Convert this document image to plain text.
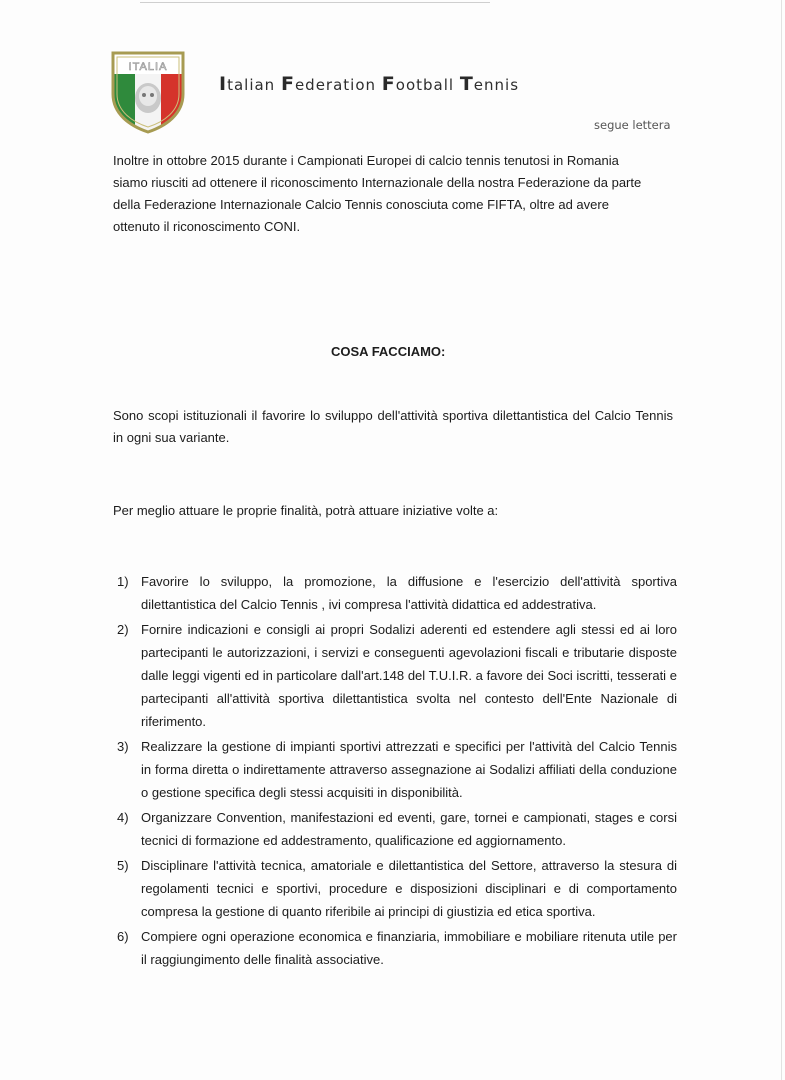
ITALIA
Italian Federation Football Tennis
segue lettera
Inoltre in ottobre 2015 durante i Campionati Europei di calcio tennis tenutosi in Romania
siamo riusciti ad ottenere il riconoscimento Internazionale della nostra Federazione da parte
della Federazione Internazionale Calcio Tennis conosciuta come FIFTA, oltre ad avere
ottenuto il riconoscimento CONI.
COSA FACCIAMO:
Sono scopi istituzionali il favorire lo sviluppo dell'attività sportiva dilettantistica del Calcio Tennis in ogni sua variante.
Per meglio attuare le proprie finalità, potrà attuare iniziative volte a:
1) Favorire lo sviluppo, la promozione, la diffusione e l'esercizio dell'attività sportiva dilettantistica del Calcio Tennis , ivi compresa l'attività didattica ed addestrativa.
2) Fornire indicazioni e consigli ai propri Sodalizi aderenti ed estendere agli stessi ed ai loro partecipanti le autorizzazioni, i servizi e conseguenti agevolazioni fiscali e tributarie disposte dalle leggi vigenti ed in particolare dall'art.148 del T.U.I.R. a favore dei Soci iscritti, tesserati e partecipanti all'attività sportiva dilettantistica svolta nel contesto dell'Ente Nazionale di riferimento.
3) Realizzare la gestione di impianti sportivi attrezzati e specifici per l'attività del Calcio Tennis in forma diretta o indirettamente attraverso assegnazione ai Sodalizi affiliati della conduzione o gestione specifica degli stessi acquisiti in disponibilità.
4) Organizzare Convention, manifestazioni ed eventi, gare, tornei e campionati, stages e corsi tecnici di formazione ed addestramento, qualificazione ed aggiornamento.
5) Disciplinare l'attività tecnica, amatoriale e dilettantistica del Settore, attraverso la stesura di regolamenti tecnici e sportivi, procedure e disposizioni disciplinari e di comportamento compresa la gestione di quanto riferibile ai principi di giustizia ed etica sportiva.
6) Compiere ogni operazione economica e finanziaria, immobiliare e mobiliare ritenuta utile per il raggiungimento delle finalità associative.
